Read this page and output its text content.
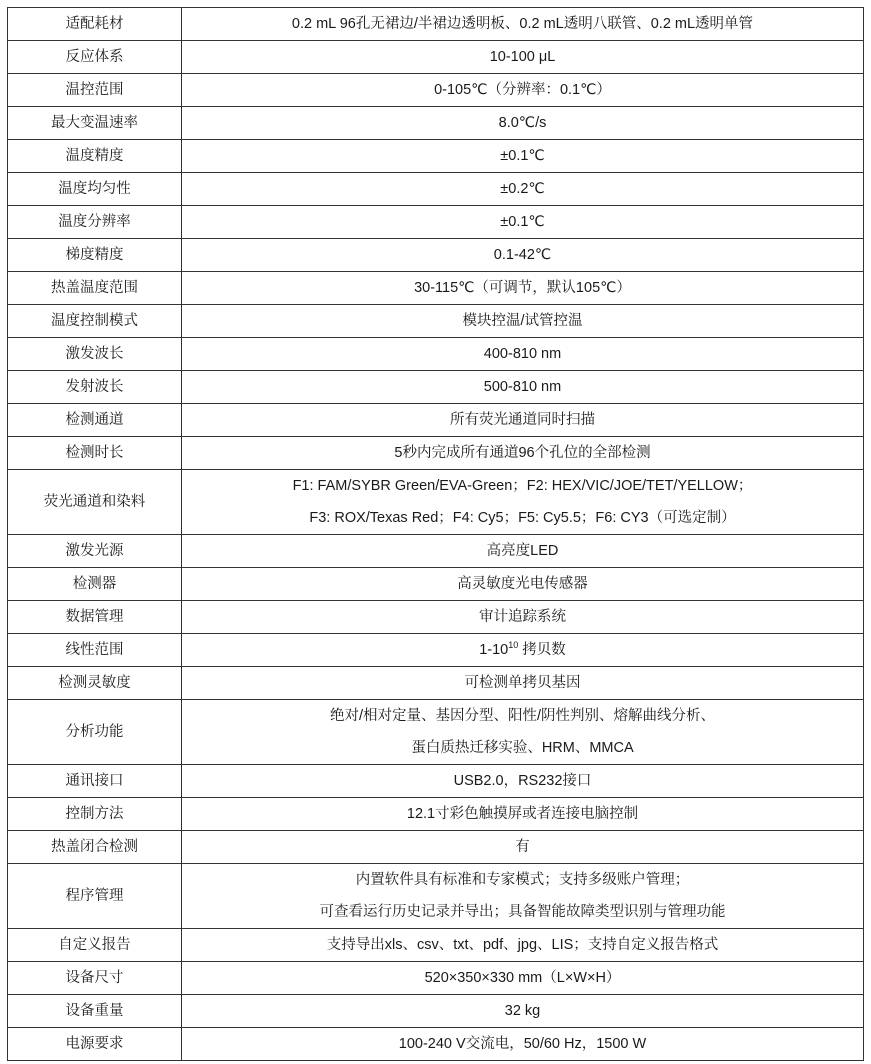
适配耗材	0.2 mL 96孔无裙边/半裙边透明板、0.2 mL透明八联管、0.2 mL透明单管

反应体系	10-100 μL

温控范围	0-105℃（分辨率：0.1℃）

最大变温速率	8.0℃/s

温度精度	±0.1℃

温度均匀性	±0.2℃

温度分辨率	±0.1℃

梯度精度	0.1-42℃

热盖温度范围	30-115℃（可调节，默认105℃）

温度控制模式	模块控温/试管控温

激发波长	400-810 nm

发射波长	500-810 nm

检测通道	所有荧光通道同时扫描

检测时长	5秒内完成所有通道96个孔位的全部检测

荧光通道和染料	F1: FAM/SYBR Green/EVA-Green；F2: HEX/VIC/JOE/TET/YELLOW；
F3: ROX/Texas Red；F4: Cy5；F5: Cy5.5；F6: CY3（可选定制）

激发光源	高亮度LED

检测器	高灵敏度光电传感器

数据管理	审计追踪系统

线性范围	$1-10^{10}$ 拷贝数

检测灵敏度	可检测单拷贝基因

分析功能	绝对/相对定量、基因分型、阳性/阴性判别、熔解曲线分析、
蛋白质热迁移实验、HRM、MMCA

通讯接口	USB2.0，RS232接口

控制方法	12.1寸彩色触摸屏或者连接电脑控制

热盖闭合检测	有

程序管理	内置软件具有标准和专家模式；支持多级账户管理；
可查看运行历史记录并导出；具备智能故障类型识别与管理功能

自定义报告	支持导出xls、csv、txt、pdf、jpg、LIS；支持自定义报告格式

设备尺寸	520×350×330 mm（L×W×H）

设备重量	32 kg

电源要求	100-240 V交流电，50/60 Hz，1500 W
